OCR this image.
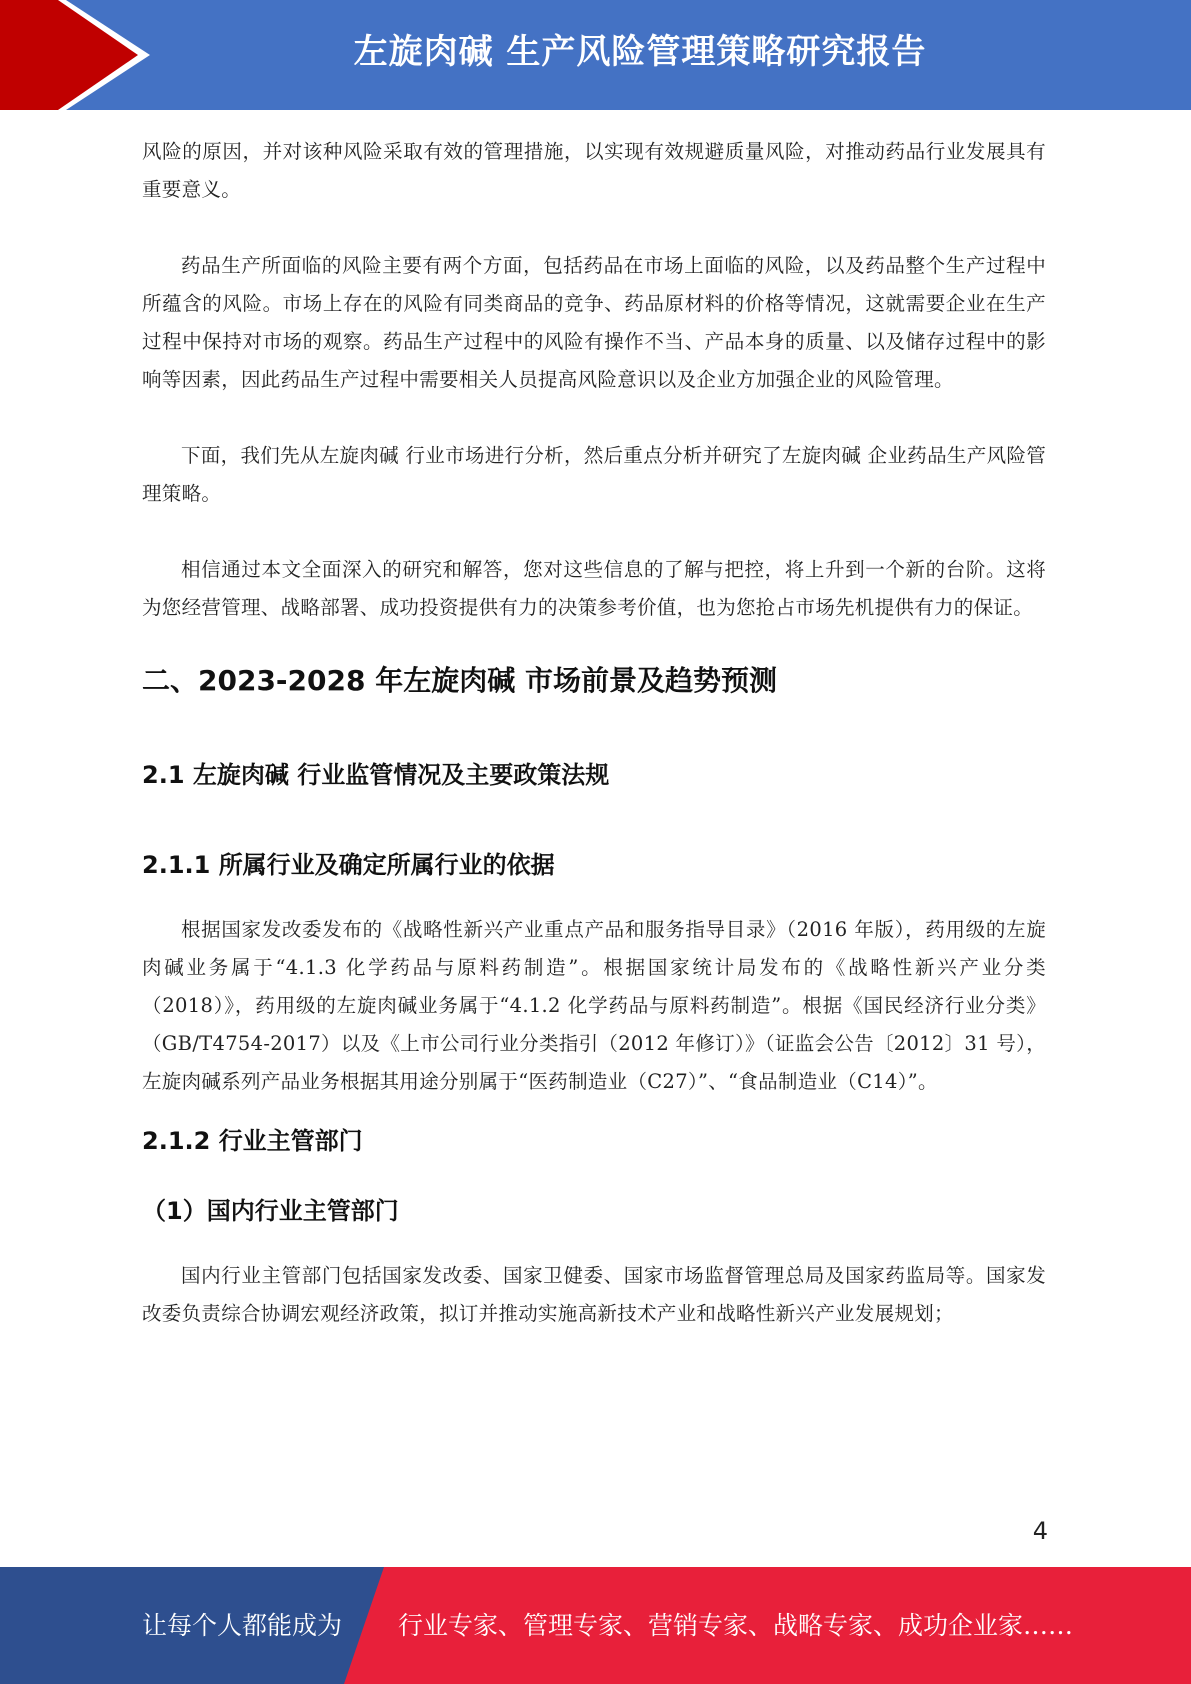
左旋肉碱 生产风险管理策略研究报告

风险的原因，并对该种风险采取有效的管理措施，以实现有效规避质量风险，对推动药品行业发展具有重要意义。

药品生产所面临的风险主要有两个方面，包括药品在市场上面临的风险，以及药品整个生产过程中所蕴含的风险。市场上存在的风险有同类商品的竞争、药品原材料的价格等情况，这就需要企业在生产过程中保持对市场的观察。药品生产过程中的风险有操作不当、产品本身的质量、以及储存过程中的影响等因素，因此药品生产过程中需要相关人员提高风险意识以及企业方加强企业的风险管理。

下面，我们先从左旋肉碱 行业市场进行分析，然后重点分析并研究了左旋肉碱 企业药品生产风险管理策略。

相信通过本文全面深入的研究和解答，您对这些信息的了解与把控，将上升到一个新的台阶。这将为您经营管理、战略部署、成功投资提供有力的决策参考价值，也为您抢占市场先机提供有力的保证。

二、2023-2028 年左旋肉碱 市场前景及趋势预测
2.1 左旋肉碱 行业监管情况及主要政策法规
2.1.1 所属行业及确定所属行业的依据

根据国家发改委发布的《战略性新兴产业重点产品和服务指导目录》（2016 年版），药用级的左旋肉碱业务属于“4.1.3 化学药品与原料药制造”。根据国家统计局发布的《战略性新兴产业分类（2018）》，药用级的左旋肉碱业务属于“4.1.2 化学药品与原料药制造”。根据《国民经济行业分类》 （GB/T4754-2017）以及《上市公司行业分类指引（2012 年修订）》（证监会公告〔2012〕31 号），左旋肉碱系列产品业务根据其用途分别属于“医药制造业（C27）”、“食品制造业（C14）”。

2.1.2 行业主管部门
（1）国内行业主管部门

国内行业主管部门包括国家发改委、国家卫健委、国家市场监督管理总局及国家药监局等。国家发改委负责综合协调宏观经济政策，拟订并推动实施高新技术产业和战略性新兴产业发展规划；

4
让每个人都能成为 行业专家、管理专家、营销专家、战略专家、成功企业家……
